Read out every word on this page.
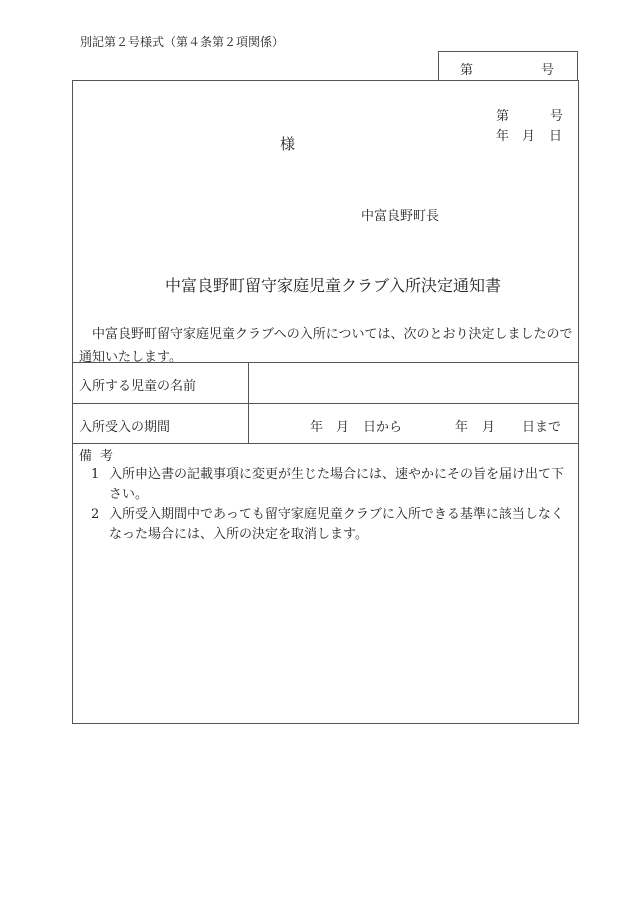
別記第２号様式（第４条第２項関係）
第	号
第	号
年 月 日
様
中富良野町長
中富良野町留守家庭児童クラブ入所決定通知書
中富良野町留守家庭児童クラブへの入所については、次のとおり決定しましたので通知いたします。
入所する児童の名前
入所受入の期間	年 月 日から	年 月 日まで
備考
1 入所申込書の記載事項に変更が生じた場合には、速やかにその旨を届け出て下さい。
2 入所受入期間中であっても留守家庭児童クラブに入所できる基準に該当しなくなった場合には、入所の決定を取消します。
